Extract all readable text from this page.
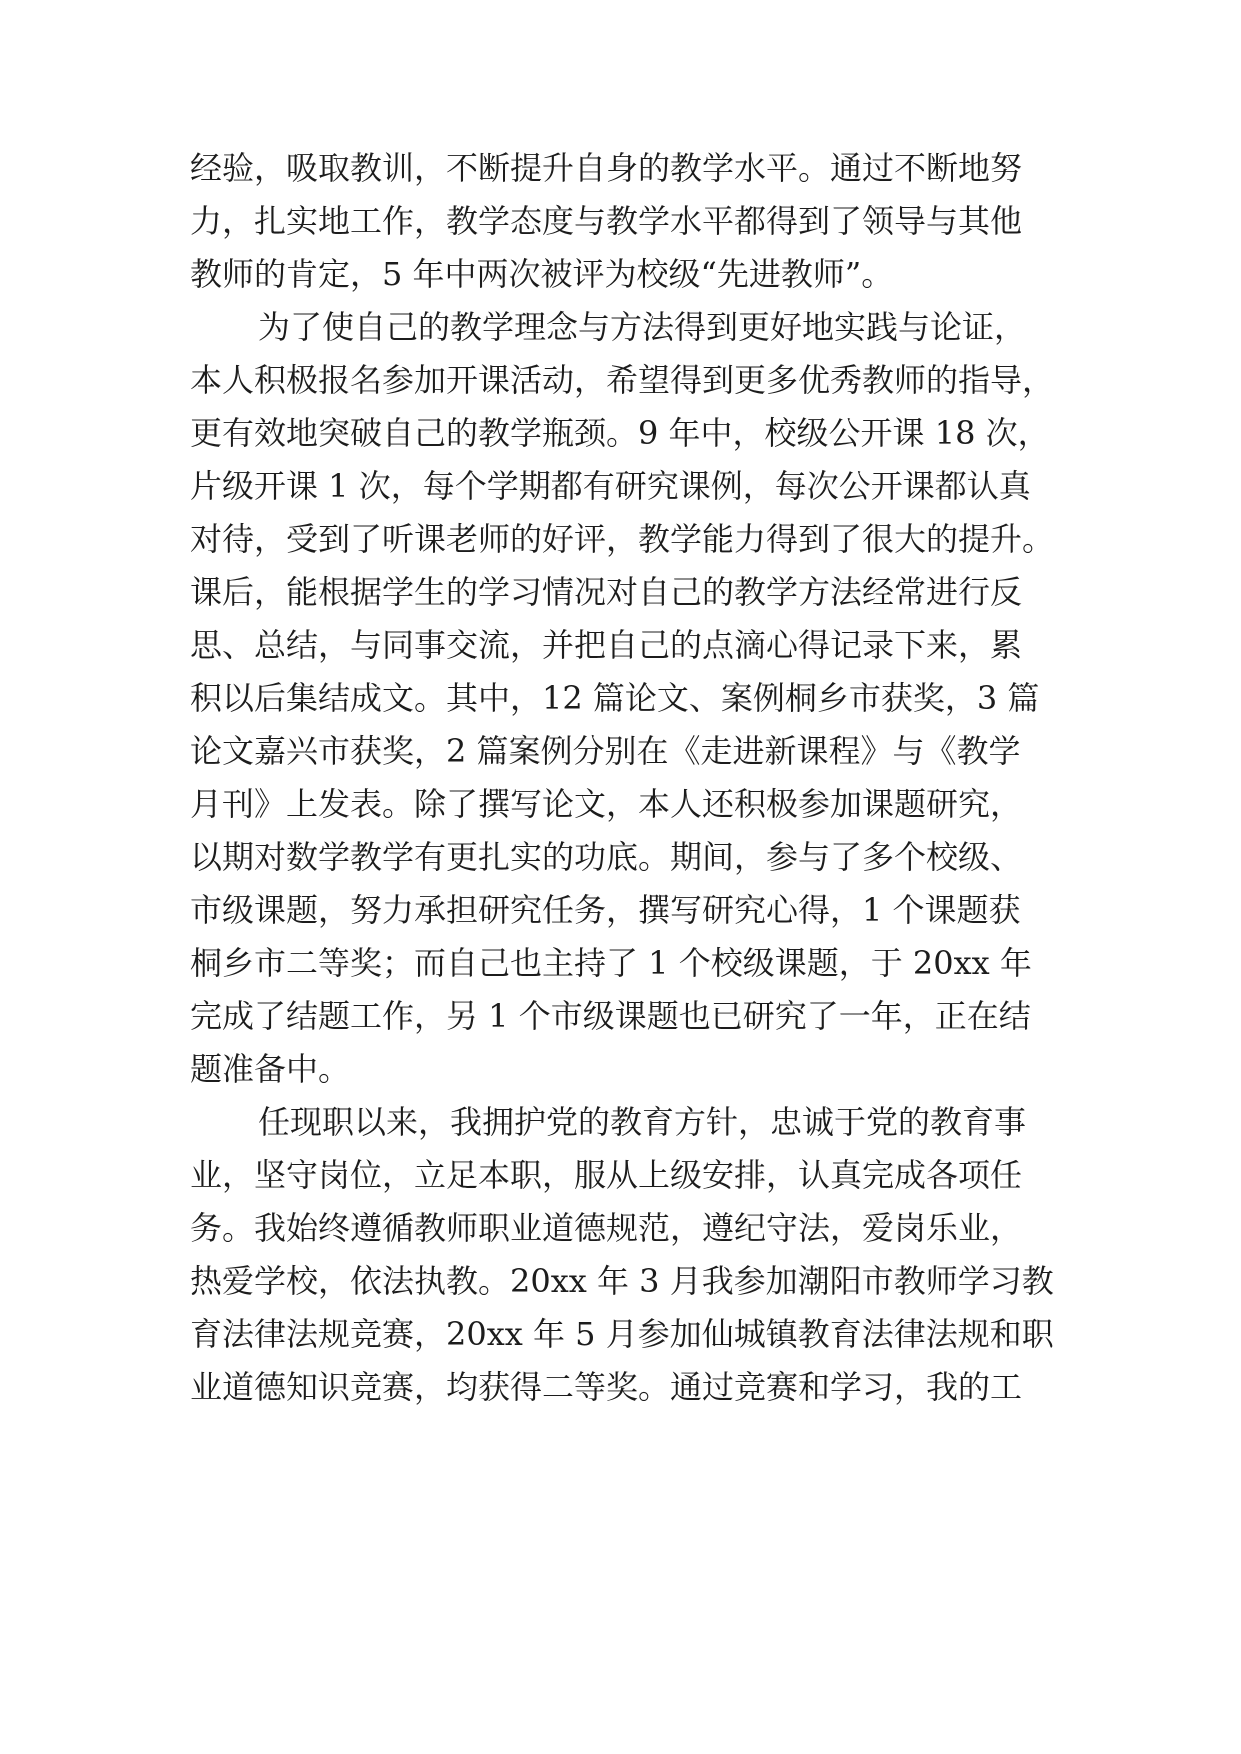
经验，吸取教训，不断提升自身的教学水平。通过不断地努
力，扎实地工作，教学态度与教学水平都得到了领导与其他
教师的肯定，5 年中两次被评为校级“先进教师”。
为了使自己的教学理念与方法得到更好地实践与论证，
本人积极报名参加开课活动，希望得到更多优秀教师的指导，
更有效地突破自己的教学瓶颈。9 年中，校级公开课 18 次，
片级开课 1 次，每个学期都有研究课例，每次公开课都认真
对待，受到了听课老师的好评，教学能力得到了很大的提升。
课后，能根据学生的学习情况对自己的教学方法经常进行反
思、总结，与同事交流，并把自己的点滴心得记录下来，累
积以后集结成文。其中，12 篇论文、案例桐乡市获奖，3 篇
论文嘉兴市获奖，2 篇案例分别在《走进新课程》与《教学
月刊》上发表。除了撰写论文，本人还积极参加课题研究，
以期对数学教学有更扎实的功底。期间，参与了多个校级、
市级课题，努力承担研究任务，撰写研究心得，1 个课题获
桐乡市二等奖；而自己也主持了 1 个校级课题，于 20xx 年
完成了结题工作，另 1 个市级课题也已研究了一年，正在结
题准备中。
任现职以来，我拥护党的教育方针，忠诚于党的教育事
业，坚守岗位，立足本职，服从上级安排，认真完成各项任
务。我始终遵循教师职业道德规范，遵纪守法，爱岗乐业，
热爱学校，依法执教。20xx 年 3 月我参加潮阳市教师学习教
育法律法规竞赛，20xx 年 5 月参加仙城镇教育法律法规和职
业道德知识竞赛，均获得二等奖。通过竞赛和学习，我的工
